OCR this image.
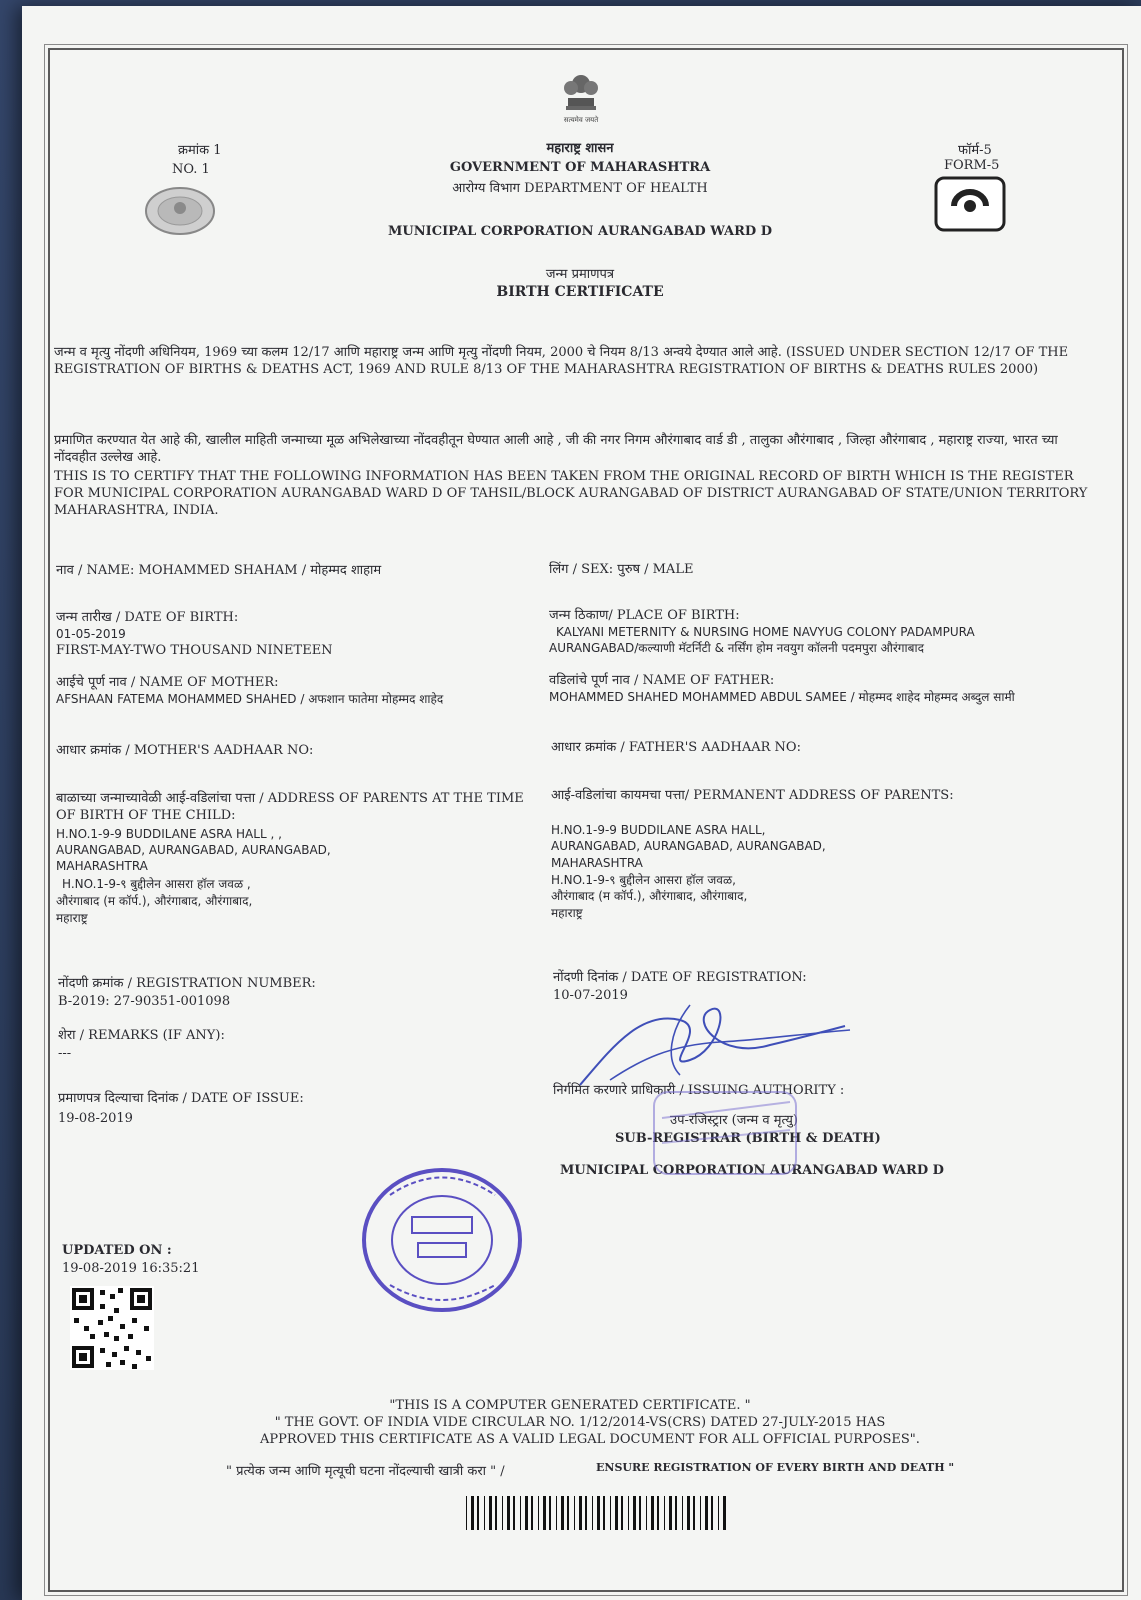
सत्यमेव जयते
क्रमांक 1
NO. 1
महाराष्ट्र शासन
GOVERNMENT OF MAHARASHTRA
आरोग्य विभाग DEPARTMENT OF HEALTH
फॉर्म-5
FORM-5
MUNICIPAL CORPORATION AURANGABAD WARD D
जन्म प्रमाणपत्र
BIRTH CERTIFICATE
जन्म व मृत्यु नोंदणी अधिनियम, 1969 च्या कलम 12/17 आणि महाराष्ट्र जन्म आणि मृत्यु नोंदणी नियम, 2000 चे नियम 8/13 अन्वये देण्यात आले आहे. (ISSUED UNDER SECTION 12/17 OF THE REGISTRATION OF BIRTHS & DEATHS ACT, 1969 AND RULE 8/13 OF THE MAHARASHTRA REGISTRATION OF BIRTHS & DEATHS RULES 2000)
प्रमाणित करण्यात येत आहे की, खालील माहिती जन्माच्या मूळ अभिलेखाच्या नोंदवहीतून घेण्यात आली आहे , जी की नगर निगम औरंगाबाद वार्ड डी , तालुका औरंगाबाद , जिल्हा औरंगाबाद , महाराष्ट्र राज्या, भारत च्या नोंदवहीत उल्लेख आहे.
THIS IS TO CERTIFY THAT THE FOLLOWING INFORMATION HAS BEEN TAKEN FROM THE ORIGINAL RECORD OF BIRTH WHICH IS THE REGISTER FOR MUNICIPAL CORPORATION AURANGABAD WARD D OF TAHSIL/BLOCK AURANGABAD OF DISTRICT AURANGABAD OF STATE/UNION TERRITORY MAHARASHTRA, INDIA.
नाव / NAME: MOHAMMED SHAHAM / मोहम्मद शाहाम
जन्म तारीख / DATE OF BIRTH:
01-05-2019
FIRST-MAY-TWO THOUSAND NINETEEN
आईचे पूर्ण नाव / NAME OF MOTHER:
AFSHAAN FATEMA MOHAMMED SHAHED / अफशान फातेमा मोहम्मद शाहेद
आधार क्रमांक / MOTHER'S AADHAAR NO:
बाळाच्या जन्माच्यावेळी आई-वडिलांचा पत्ता / ADDRESS OF PARENTS AT THE TIME OF BIRTH OF THE CHILD:
H.NO.1-9-9 BUDDILANE ASRA HALL , ,
AURANGABAD, AURANGABAD, AURANGABAD,
MAHARASHTRA
H.NO.1-9-९ बुद्दीलेन आसरा हॉल जवळ ,
औरंगाबाद (म कॉर्प.), औरंगाबाद, औरंगाबाद,
महाराष्ट्र
नोंदणी क्रमांक / REGISTRATION NUMBER:
B-2019: 27-90351-001098
शेरा / REMARKS (IF ANY):
---
प्रमाणपत्र दिल्याचा दिनांक / DATE OF ISSUE:
19-08-2019
लिंग / SEX: पुरुष / MALE
जन्म ठिकाण/ PLACE OF BIRTH:
KALYANI METERNITY & NURSING HOME NAVYUG COLONY PADAMPURA
AURANGABAD/कल्याणी मॅटर्निटी & नर्सिंग होम नवयुग कॉलनी पदमपुरा औरंगाबाद
वडिलांचे पूर्ण नाव / NAME OF FATHER:
MOHAMMED SHAHED MOHAMMED ABDUL SAMEE / मोहम्मद शाहेद मोहम्मद अब्दुल सामी
आधार क्रमांक / FATHER'S AADHAAR NO:
आई-वडिलांचा कायमचा पत्ता/ PERMANENT ADDRESS OF PARENTS:
H.NO.1-9-9 BUDDILANE ASRA HALL,
AURANGABAD, AURANGABAD, AURANGABAD,
MAHARASHTRA
H.NO.1-9-९ बुद्दीलेन आसरा हॉल जवळ,
औरंगाबाद (म कॉर्प.), औरंगाबाद, औरंगाबाद,
महाराष्ट्र
नोंदणी दिनांक / DATE OF REGISTRATION:
10-07-2019
निर्गमित करणारे प्राधिकारी / ISSUING AUTHORITY :
उप-रजिस्ट्रार (जन्म व मृत्यु)
SUB-REGISTRAR (BIRTH & DEATH)
MUNICIPAL CORPORATION AURANGABAD WARD D
UPDATED ON :
19-08-2019 16:35:21
"THIS IS A COMPUTER GENERATED CERTIFICATE. "
" THE GOVT. OF INDIA VIDE CIRCULAR NO. 1/12/2014-VS(CRS) DATED 27-JULY-2015 HAS
APPROVED THIS CERTIFICATE AS A VALID LEGAL DOCUMENT FOR ALL OFFICIAL PURPOSES".
" प्रत्येक जन्म आणि मृत्यूची घटना नोंदल्याची खात्री करा " /	ENSURE REGISTRATION OF EVERY BIRTH AND DEATH "
